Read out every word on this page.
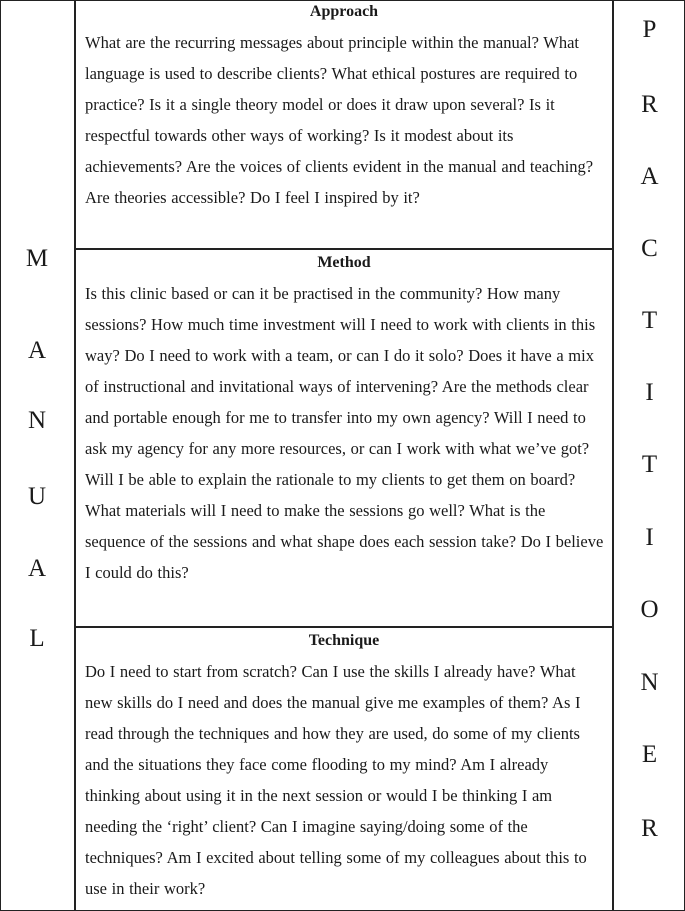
M
A
N
U
A
L
P
R
A
C
T
I
T
I
O
N
E
R
Approach
What are the recurring messages about principle within the manual? What language is used to describe clients? What ethical postures are required to practice? Is it a single theory model or does it draw upon several? Is it respectful towards other ways of working? Is it modest about its achievements? Are the voices of clients evident in the manual and teaching? Are theories accessible? Do I feel I inspired by it?
Method
Is this clinic based or can it be practised in the community? How many sessions? How much time investment will I need to work with clients in this way? Do I need to work with a team, or can I do it solo? Does it have a mix of instructional and invitational ways of intervening? Are the methods clear and portable enough for me to transfer into my own agency? Will I need to ask my agency for any more resources, or can I work with what we’ve got? Will I be able to explain the rationale to my clients to get them on board? What materials will I need to make the sessions go well? What is the sequence of the sessions and what shape does each session take? Do I believe I could do this?
Technique
Do I need to start from scratch? Can I use the skills I already have? What new skills do I need and does the manual give me examples of them? As I read through the techniques and how they are used, do some of my clients and the situations they face come flooding to my mind? Am I already thinking about using it in the next session or would I be thinking I am needing the ‘right’ client? Can I imagine saying/doing some of the techniques? Am I excited about telling some of my colleagues about this to use in their work?
